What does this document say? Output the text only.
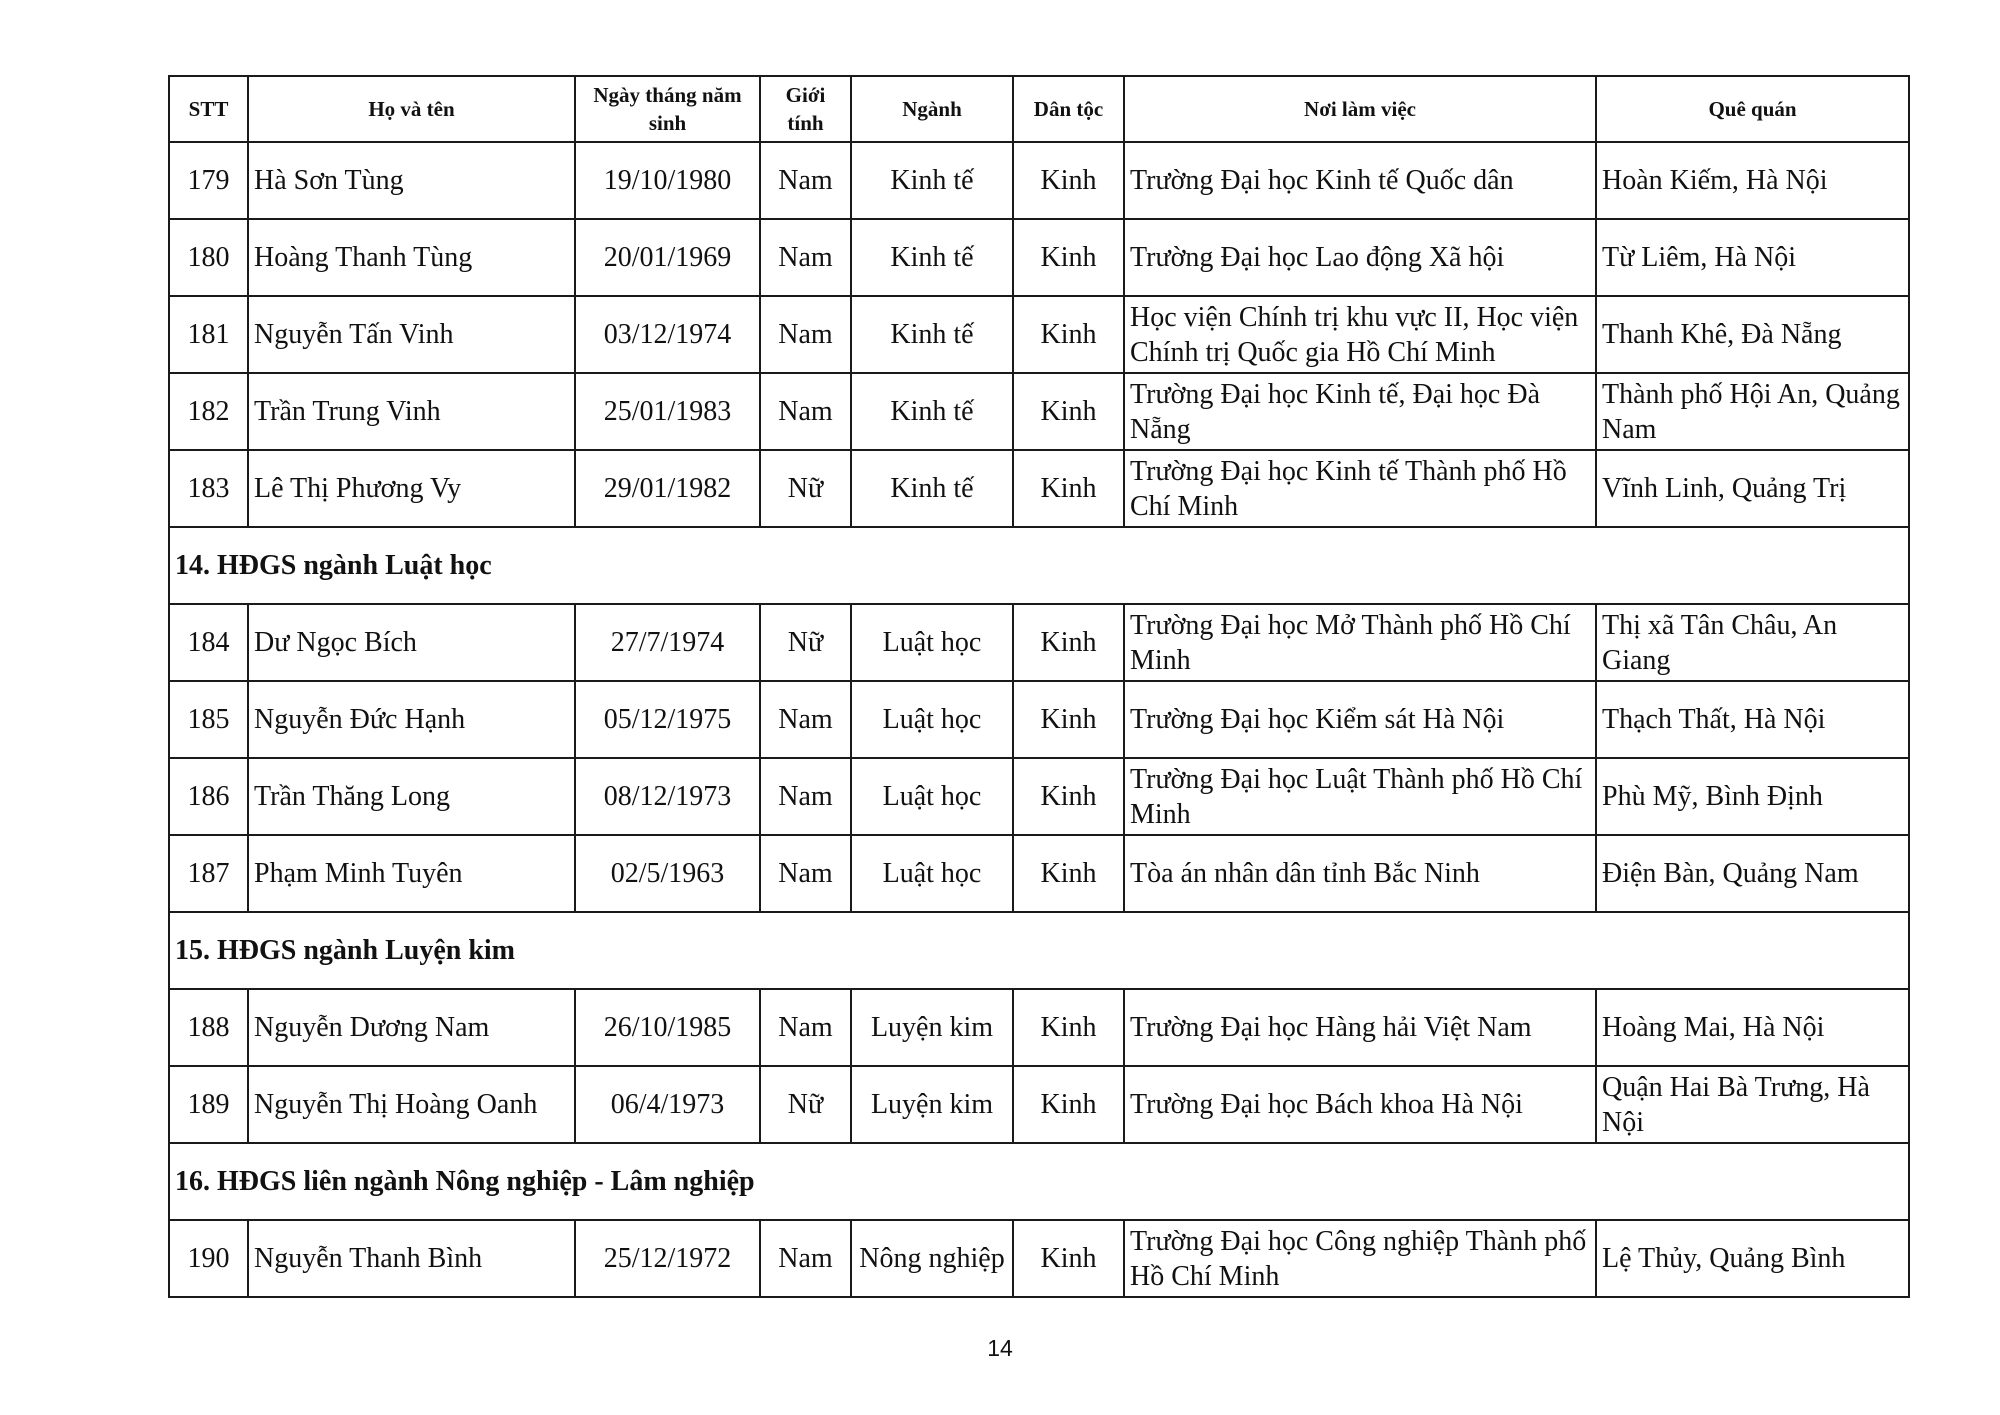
STT	Họ và tên	Ngày tháng năm sinh	Giới tính	Ngành	Dân tộc	Nơi làm việc	Quê quán
179	Hà Sơn Tùng	19/10/1980	Nam	Kinh tế	Kinh	Trường Đại học Kinh tế Quốc dân	Hoàn Kiếm, Hà Nội
180	Hoàng Thanh Tùng	20/01/1969	Nam	Kinh tế	Kinh	Trường Đại học Lao động Xã hội	Từ Liêm, Hà Nội
181	Nguyễn Tấn Vinh	03/12/1974	Nam	Kinh tế	Kinh	Học viện Chính trị khu vực II, Học viện Chính trị Quốc gia Hồ Chí Minh	Thanh Khê, Đà Nẵng
182	Trần Trung Vinh	25/01/1983	Nam	Kinh tế	Kinh	Trường Đại học Kinh tế, Đại học Đà Nẵng	Thành phố Hội An, Quảng Nam
183	Lê Thị Phương Vy	29/01/1982	Nữ	Kinh tế	Kinh	Trường Đại học Kinh tế Thành phố Hồ Chí Minh	Vĩnh Linh, Quảng Trị
14. HĐGS ngành Luật học							
184	Dư Ngọc Bích	27/7/1974	Nữ	Luật học	Kinh	Trường Đại học Mở Thành phố Hồ Chí Minh	Thị xã Tân Châu, An Giang
185	Nguyễn Đức Hạnh	05/12/1975	Nam	Luật học	Kinh	Trường Đại học Kiểm sát Hà Nội	Thạch Thất, Hà Nội
186	Trần Thăng Long	08/12/1973	Nam	Luật học	Kinh	Trường Đại học Luật Thành phố Hồ Chí Minh	Phù Mỹ, Bình Định
187	Phạm Minh Tuyên	02/5/1963	Nam	Luật học	Kinh	Tòa án nhân dân tỉnh Bắc Ninh	Điện Bàn, Quảng Nam
15. HĐGS ngành Luyện kim							
188	Nguyễn Dương Nam	26/10/1985	Nam	Luyện kim	Kinh	Trường Đại học Hàng hải Việt Nam	Hoàng Mai, Hà Nội
189	Nguyễn Thị Hoàng Oanh	06/4/1973	Nữ	Luyện kim	Kinh	Trường Đại học Bách khoa Hà Nội	Quận Hai Bà Trưng, Hà Nội
16. HĐGS liên ngành Nông nghiệp - Lâm nghiệp							
190	Nguyễn Thanh Bình	25/12/1972	Nam	Nông nghiệp	Kinh	Trường Đại học Công nghiệp Thành phố Hồ Chí Minh	Lệ Thủy, Quảng Bình
14
